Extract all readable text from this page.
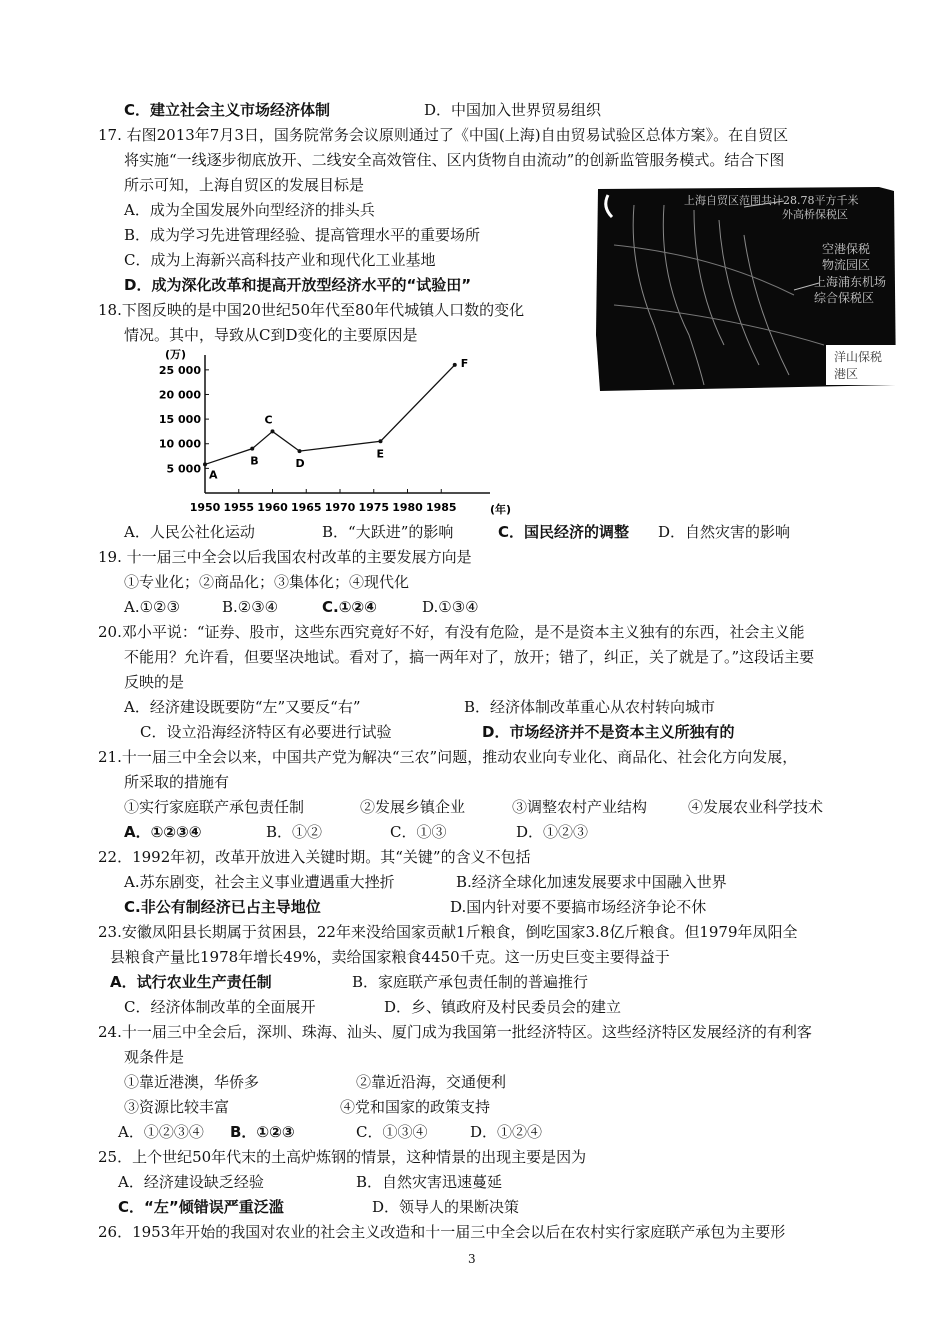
C．建立社会主义市场经济体制	D．中国加入世界贸易组织
17. 右图2013年7月3日，国务院常务会议原则通过了《中国(上海)自由贸易试验区总体方案》。在自贸区
将实施“一线逐步彻底放开、二线安全高效管住、区内货物自由流动”的创新监管服务模式。结合下图
所示可知，上海自贸区的发展目标是
A．成为全国发展外向型经济的排头兵
B．成为学习先进管理经验、提高管理水平的重要场所
C．成为上海新兴高科技产业和现代化工业基地
D．成为深化改革和提高开放型经济水平的“试验田”
上海自贸区范围共计28.78平方千米
外高桥保税区
空港保税
物流园区
上海浦东机场
综合保税区
洋山保税
港区
18.下图反映的是中国20世纪50年代至80年代城镇人口数的变化
情况。其中，导致从C到D变化的主要原因是
(万)
(年)
1950 1955 1960 1965 1970 1975 1980 1985
5 000
10 000
15 000
20 000
25 000
A
B
C
D
E
F
A．人民公社化运动	B．“大跃进”的影响	C．国民经济的调整 D．自然灾害的影响
19. 十一届三中全会以后我国农村改革的主要发展方向是
①专业化；②商品化；③集体化；④现代化
A.①②③	B.②③④	C.①②④	D.①③④
20.邓小平说：“证券、股市，这些东西究竟好不好，有没有危险，是不是资本主义独有的东西，社会主义能
不能用？允许看，但要坚决地试。看对了，搞一两年对了，放开；错了，纠正，关了就是了。”这段话主要
反映的是
A．经济建设既要防“左”又要反“右”	B．经济体制改革重心从农村转向城市
C．设立沿海经济特区有必要进行试验	D．市场经济并不是资本主义所独有的
21.十一届三中全会以来，中国共产党为解决“三农”问题，推动农业向专业化、商品化、社会化方向发展，
所采取的措施有
①实行家庭联产承包责任制	②发展乡镇企业	③调整农村产业结构	④发展农业科学技术
A．①②③④	B．①②	C．①③	D．①②③
22．1992年初，改革开放进入关键时期。其“关键”的含义不包括
A.苏东剧变，社会主义事业遭遇重大挫折	B.经济全球化加速发展要求中国融入世界
C.非公有制经济已占主导地位	D.国内针对要不要搞市场经济争论不休
23.安徽凤阳县长期属于贫困县，22年来没给国家贡献1斤粮食，倒吃国家3.8亿斤粮食。但1979年凤阳全
县粮食产量比1978年增长49%，卖给国家粮食4450千克。这一历史巨变主要得益于
A．试行农业生产责任制	B．家庭联产承包责任制的普遍推行
C．经济体制改革的全面展开	D．乡、镇政府及村民委员会的建立
24.十一届三中全会后，深圳、珠海、汕头、厦门成为我国第一批经济特区。这些经济特区发展经济的有利客
观条件是
①靠近港澳，华侨多	②靠近沿海，交通便利
③资源比较丰富	④党和国家的政策支持
A．①②③④ B．①②③	C．①③④	D．①②④
25．上个世纪50年代末的土高炉炼钢的情景，这种情景的出现主要是因为
A．经济建设缺乏经验	B．自然灾害迅速蔓延
C．“左”倾错误严重泛滥	D．领导人的果断决策
26．1953年开始的我国对农业的社会主义改造和十一届三中全会以后在农村实行家庭联产承包为主要形
3
